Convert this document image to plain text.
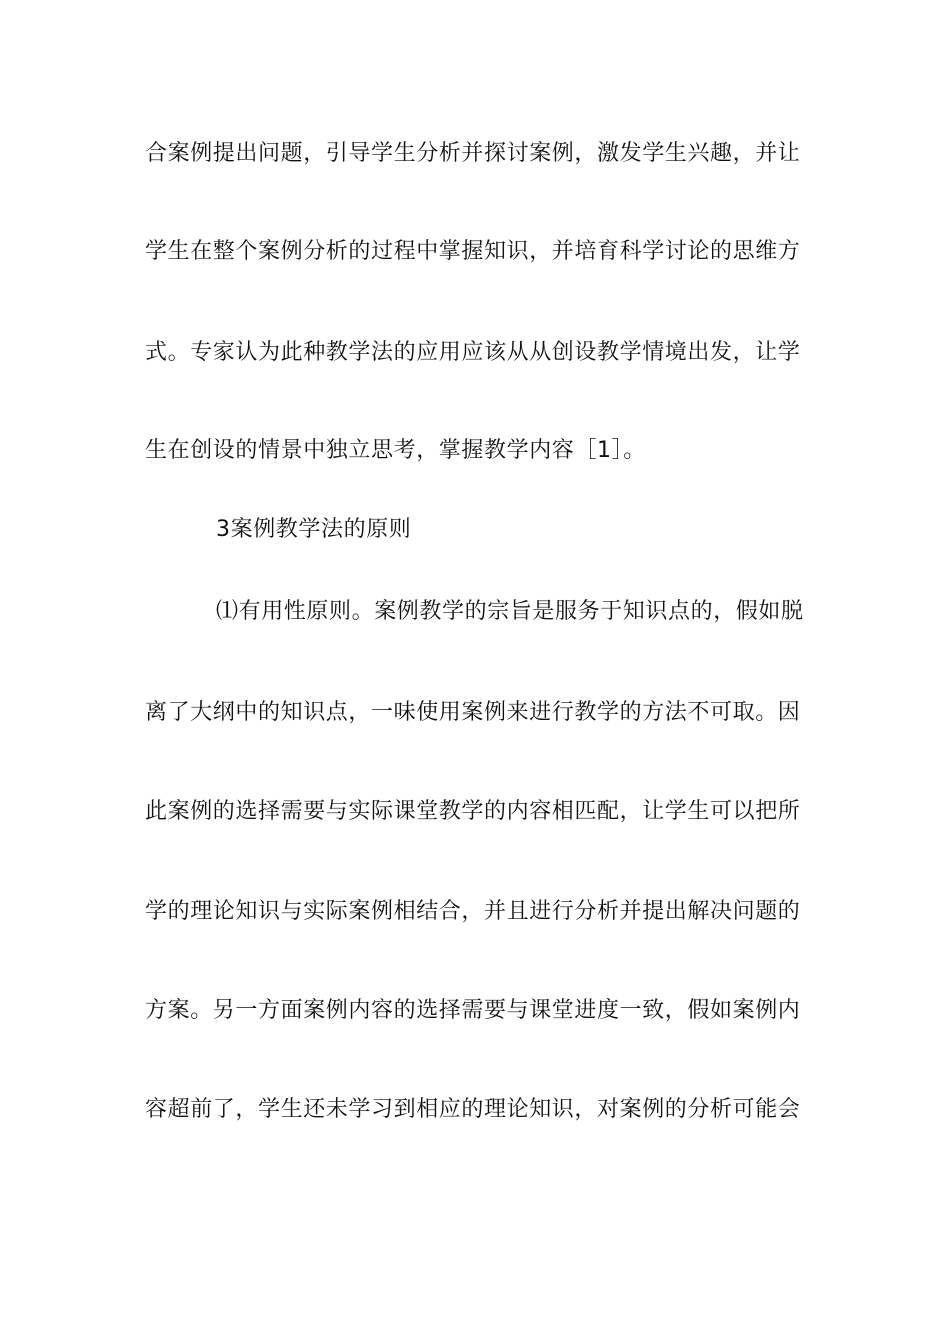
合案例提出问题，引导学生分析并探讨案例，激发学生兴趣，并让
学生在整个案例分析的过程中掌握知识，并培育科学讨论的思维方
式。专家认为此种教学法的应用应该从从创设教学情境出发，让学
生在创设的情景中独立思考，掌握教学内容［1］。
3案例教学法的原则
⑴有用性原则。案例教学的宗旨是服务于知识点的，假如脱
离了大纲中的知识点，一味使用案例来进行教学的方法不可取。因
此案例的选择需要与实际课堂教学的内容相匹配，让学生可以把所
学的理论知识与实际案例相结合，并且进行分析并提出解决问题的
方案。另一方面案例内容的选择需要与课堂进度一致，假如案例内
容超前了，学生还未学习到相应的理论知识，对案例的分析可能会
